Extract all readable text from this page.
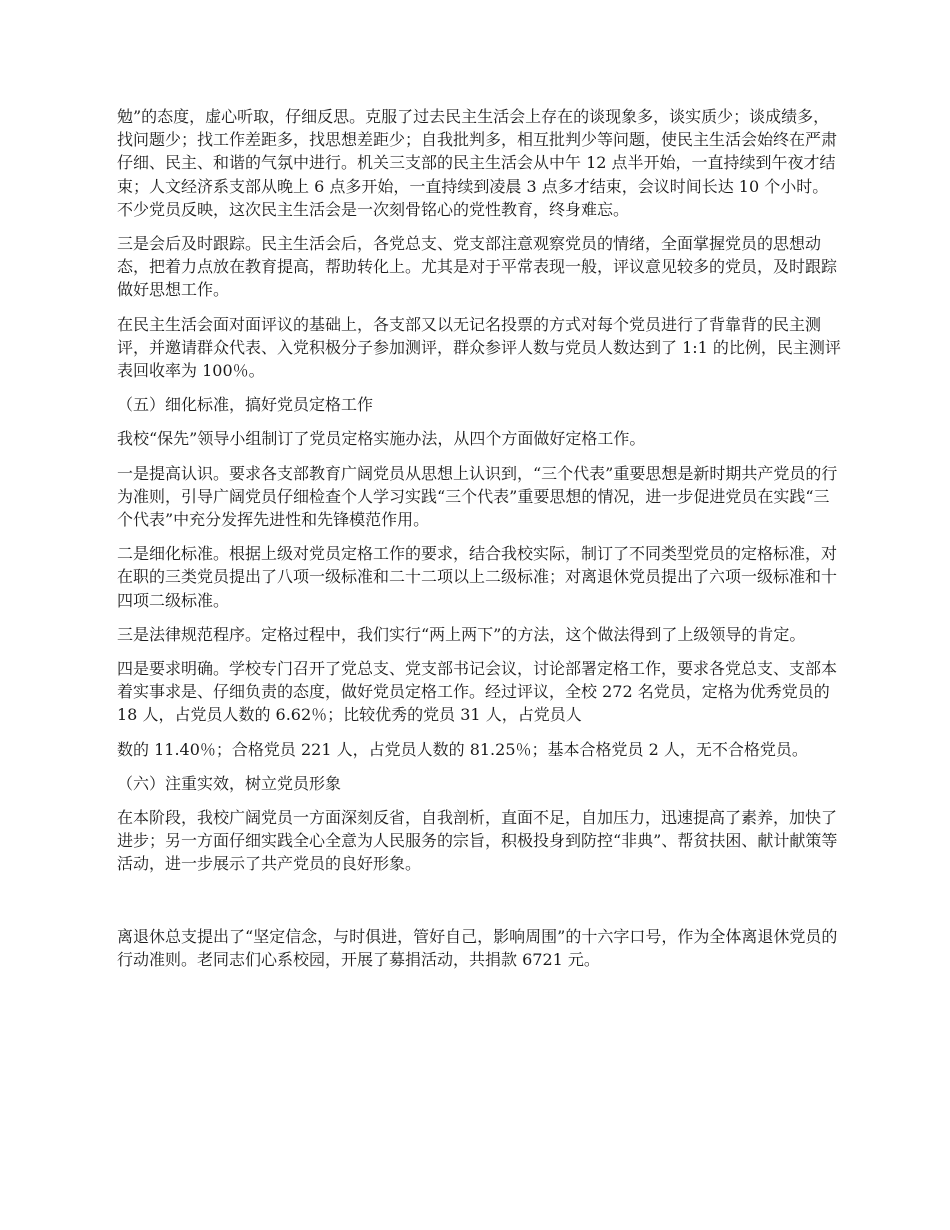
勉”的态度，虚心听取，仔细反思。克服了过去民主生活会上存在的谈现象多，谈实质少；谈成绩多，找问题少；找工作差距多，找思想差距少；自我批判多，相互批判少等问题，使民主生活会始终在严肃仔细、民主、和谐的气氛中进行。机关三支部的民主生活会从中午 12 点半开始，一直持续到午夜才结束；人文经济系支部从晚上 6 点多开始，一直持续到凌晨 3 点多才结束，会议时间长达 10 个小时。不少党员反映，这次民主生活会是一次刻骨铭心的党性教育，终身难忘。

三是会后及时跟踪。民主生活会后，各党总支、党支部注意观察党员的情绪，全面掌握党员的思想动态，把着力点放在教育提高，帮助转化上。尤其是对于平常表现一般，评议意见较多的党员，及时跟踪做好思想工作。

在民主生活会面对面评议的基础上，各支部又以无记名投票的方式对每个党员进行了背靠背的民主测评，并邀请群众代表、入党积极分子参加测评，群众参评人数与党员人数达到了 1:1 的比例，民主测评表回收率为 100％。

（五）细化标准，搞好党员定格工作

我校“保先”领导小组制订了党员定格实施办法，从四个方面做好定格工作。

一是提高认识。要求各支部教育广阔党员从思想上认识到，“三个代表”重要思想是新时期共产党员的行为准则，引导广阔党员仔细检查个人学习实践“三个代表”重要思想的情况，进一步促进党员在实践“三个代表”中充分发挥先进性和先锋模范作用。

二是细化标准。根据上级对党员定格工作的要求，结合我校实际，制订了不同类型党员的定格标准，对在职的三类党员提出了八项一级标准和二十二项以上二级标准；对离退休党员提出了六项一级标准和十四项二级标准。

三是法律规范程序。定格过程中，我们实行“两上两下”的方法，这个做法得到了上级领导的肯定。

四是要求明确。学校专门召开了党总支、党支部书记会议，讨论部署定格工作，要求各党总支、支部本着实事求是、仔细负责的态度，做好党员定格工作。经过评议，全校 272 名党员，定格为优秀党员的 18 人，占党员人数的 6.62％；比较优秀的党员 31 人，占党员人

数的 11.40％；合格党员 221 人，占党员人数的 81.25％；基本合格党员 2 人，无不合格党员。

（六）注重实效，树立党员形象

在本阶段，我校广阔党员一方面深刻反省，自我剖析，直面不足，自加压力，迅速提高了素养，加快了进步；另一方面仔细实践全心全意为人民服务的宗旨，积极投身到防控“非典”、帮贫扶困、献计献策等活动，进一步展示了共产党员的良好形象。

离退休总支提出了“坚定信念，与时俱进，管好自己，影响周围”的十六字口号，作为全体离退休党员的行动准则。老同志们心系校园，开展了募捐活动，共捐款 6721 元。
